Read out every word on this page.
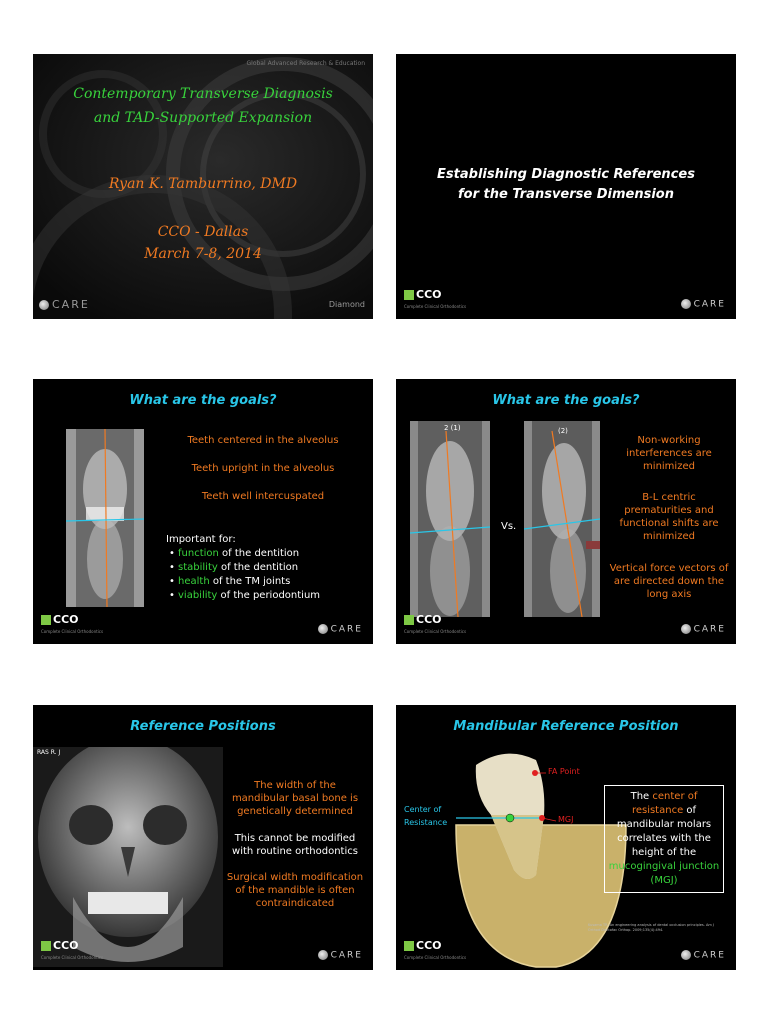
Global Advanced Research & Education
Contemporary Transverse Diagnosis
and TAD-Supported Expansion
Ryan K. Tamburrino, DMD
CCO - Dallas
March 7-8, 2014
CARE	Diamond
Establishing Diagnostic References
for the Transverse Dimension
CCO
Complete Clinical Orthodontics	CARE
What are the goals?
Teeth centered in the alveolus
Teeth upright in the alveolus
Teeth well intercuspated
Important for:
• function of the dentition
• stability of the dentition
• health of the TM joints
• viability of the periodontium
CCO
Complete Clinical Orthodontics	CARE
What are the goals?
2 (1)
Vs.
(2)
Non-working interferences are minimized
B-L centric prematurities and functional shifts are minimized
Vertical force vectors of are directed down the long axis
CCO
Complete Clinical Orthodontics	CARE
Reference Positions
RAS R. J
The width of the mandibular basal bone is genetically determined
This cannot be modified with routine orthodontics
Surgical width modification of the mandible is often contraindicated
CCO
Complete Clinical Orthodontics	CARE
Mandibular Reference Position
FA Point
MGJ
Center of
Resistance
The center of resistance of mandibular molars correlates with the height of the mucogingival junction (MGJ)
Kusama TR. An engineering analysis of dental occlusion principles. Am J Orthod Dentofac Orthop. 2009;135(4):494.
CCO
Complete Clinical Orthodontics	CARE
